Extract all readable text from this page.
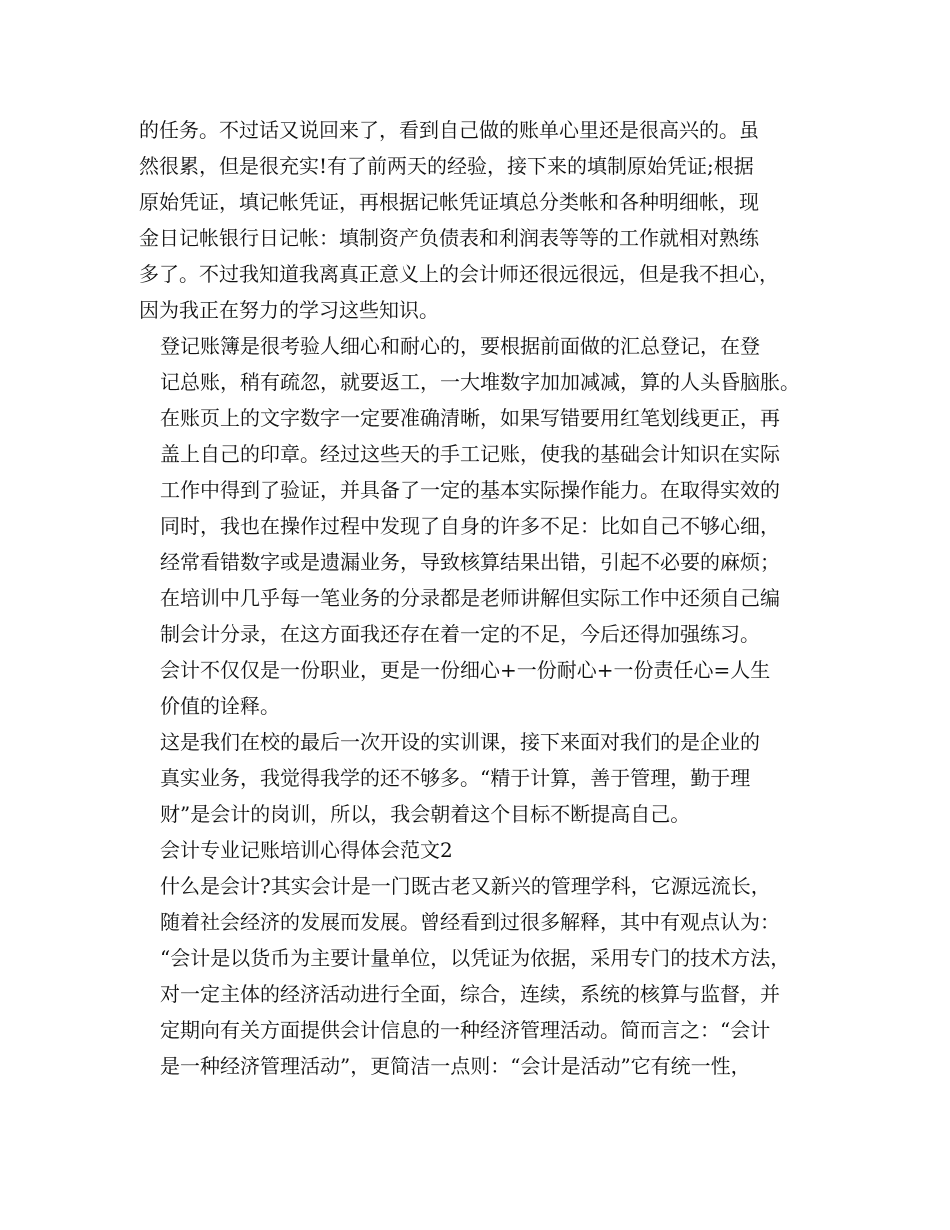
的任务。不过话又说回来了，看到自己做的账单心里还是很高兴的。虽
然很累，但是很充实!有了前两天的经验，接下来的填制原始凭证;根据
原始凭证，填记帐凭证，再根据记帐凭证填总分类帐和各种明细帐，现
金日记帐银行日记帐：填制资产负债表和利润表等等的工作就相对熟练
多了。不过我知道我离真正意义上的会计师还很远很远，但是我不担心，
因为我正在努力的学习这些知识。
登记账簿是很考验人细心和耐心的，要根据前面做的汇总登记，在登
记总账，稍有疏忽，就要返工，一大堆数字加加减减，算的人头昏脑胀。
在账页上的文字数字一定要准确清晰，如果写错要用红笔划线更正，再
盖上自己的印章。经过这些天的手工记账，使我的基础会计知识在实际
工作中得到了验证，并具备了一定的基本实际操作能力。在取得实效的
同时，我也在操作过程中发现了自身的许多不足：比如自己不够心细，
经常看错数字或是遗漏业务，导致核算结果出错，引起不必要的麻烦；
在培训中几乎每一笔业务的分录都是老师讲解但实际工作中还须自己编
制会计分录，在这方面我还存在着一定的不足，今后还得加强练习。
会计不仅仅是一份职业，更是一份细心+一份耐心+一份责任心=人生
价值的诠释。
这是我们在校的最后一次开设的实训课，接下来面对我们的是企业的
真实业务，我觉得我学的还不够多。“精于计算，善于管理，勤于理
财”是会计的岗训，所以，我会朝着这个目标不断提高自己。
会计专业记账培训心得体会范文2
什么是会计?其实会计是一门既古老又新兴的管理学科，它源远流长，
随着社会经济的发展而发展。曾经看到过很多解释，其中有观点认为：
“会计是以货币为主要计量单位，以凭证为依据，采用专门的技术方法，
对一定主体的经济活动进行全面，综合，连续，系统的核算与监督，并
定期向有关方面提供会计信息的一种经济管理活动。简而言之：“会计
是一种经济管理活动”，更简洁一点则：“会计是活动”它有统一性，
